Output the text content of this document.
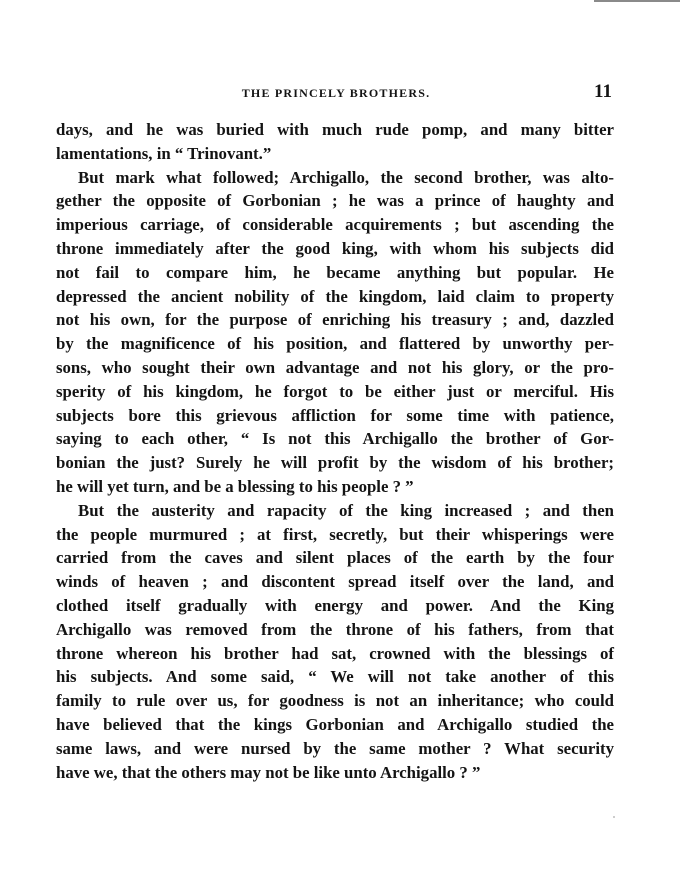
THE PRINCELY BROTHERS.	11
days, and he was buried with much rude pomp, and many bitter
lamentations, in “ Trinovant.”
But mark what followed; Archigallo, the second brother, was alto-
gether the opposite of Gorbonian ; he was a prince of haughty and
imperious carriage, of considerable acquirements ; but ascending the
throne immediately after the good king, with whom his subjects did
not fail to compare him, he became anything but popular. He
depressed the ancient nobility of the kingdom, laid claim to property
not his own, for the purpose of enriching his treasury ; and, dazzled
by the magnificence of his position, and flattered by unworthy per-
sons, who sought their own advantage and not his glory, or the pro-
sperity of his kingdom, he forgot to be either just or merciful. His
subjects bore this grievous affliction for some time with patience,
saying to each other, “ Is not this Archigallo the brother of Gor-
bonian the just? Surely he will profit by the wisdom of his brother;
he will yet turn, and be a blessing to his people ? ”
But the austerity and rapacity of the king increased ; and then
the people murmured ; at first, secretly, but their whisperings were
carried from the caves and silent places of the earth by the four
winds of heaven ; and discontent spread itself over the land, and
clothed itself gradually with energy and power. And the King
Archigallo was removed from the throne of his fathers, from that
throne whereon his brother had sat, crowned with the blessings of
his subjects. And some said, “ We will not take another of this
family to rule over us, for goodness is not an inheritance; who could
have believed that the kings Gorbonian and Archigallo studied the
same laws, and were nursed by the same mother ? What security
have we, that the others may not be like unto Archigallo ? ”
